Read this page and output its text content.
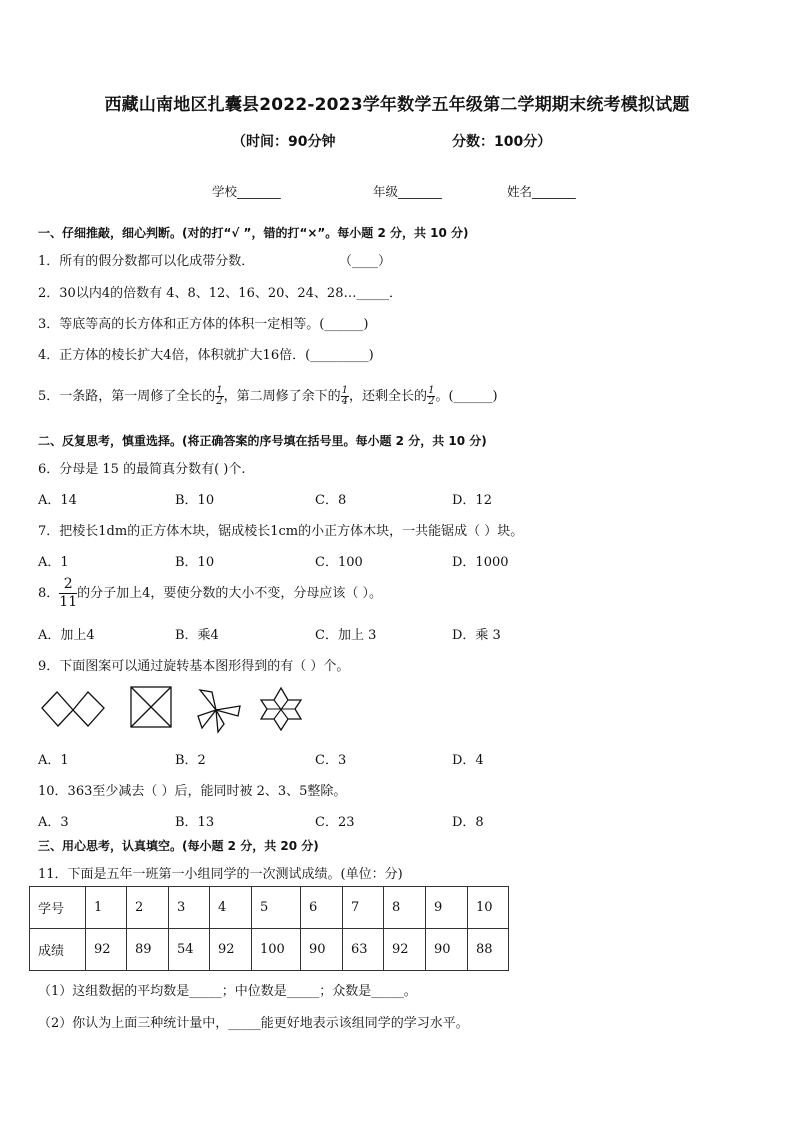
西藏山南地区扎囊县2022-2023学年数学五年级第二学期期末统考模拟试题
（时间：90分钟	分数：100分）
学校_______	年级_______	姓名_______
一、仔细推敲，细心判断。(对的打“√ ”，错的打“×”。每小题 2 分，共 10 分)
1．所有的假分数都可以化成带分数．	（____）
2．30以内4的倍数有 4、8、12、16、20、24、28…_____．
3．等底等高的长方体和正方体的体积一定相等。(______)
4．正方体的棱长扩大4倍，体积就扩大16倍．(_________)
5．一条路，第一周修了全长的 $\frac{1}{2}$ ，第二周修了余下的 $\frac{1}{4}$ ，还剩全长的 $\frac{1}{2}$ 。(______)
二、反复思考，慎重选择。(将正确答案的序号填在括号里。每小题 2 分，共 10 分)
6．分母是 15 的最简真分数有( )个.
A．14	B．10	C．8	D．12
7．把棱长1dm的正方体木块，锯成棱长1cm的小正方体木块，一共能锯成（ ）块。
A．1	B．10	C．100	D．1000
8． $\frac{2}{11}$ 的分子加上4，要使分数的大小不变，分母应该（ ）。
A．加上4	B．乘4	C．加上 3	D．乘 3
9．下面图案可以通过旋转基本图形得到的有（ ）个。
A．1	B．2	C．3	D．4
10．363至少减去（ ）后，能同时被 2、3、5整除。
A．3	B．13	C．23	D．8
三、用心思考，认真填空。(每小题 2 分，共 20 分)
11．下面是五年一班第一小组同学的一次测试成绩。(单位：分)
学号	1	2	3	4	5	6	7	8	9	10
成绩	92	89	54	92	100	90	63	92	90	88
（1）这组数据的平均数是_____；中位数是_____；众数是_____。
（2）你认为上面三种统计量中，_____能更好地表示该组同学的学习水平。
